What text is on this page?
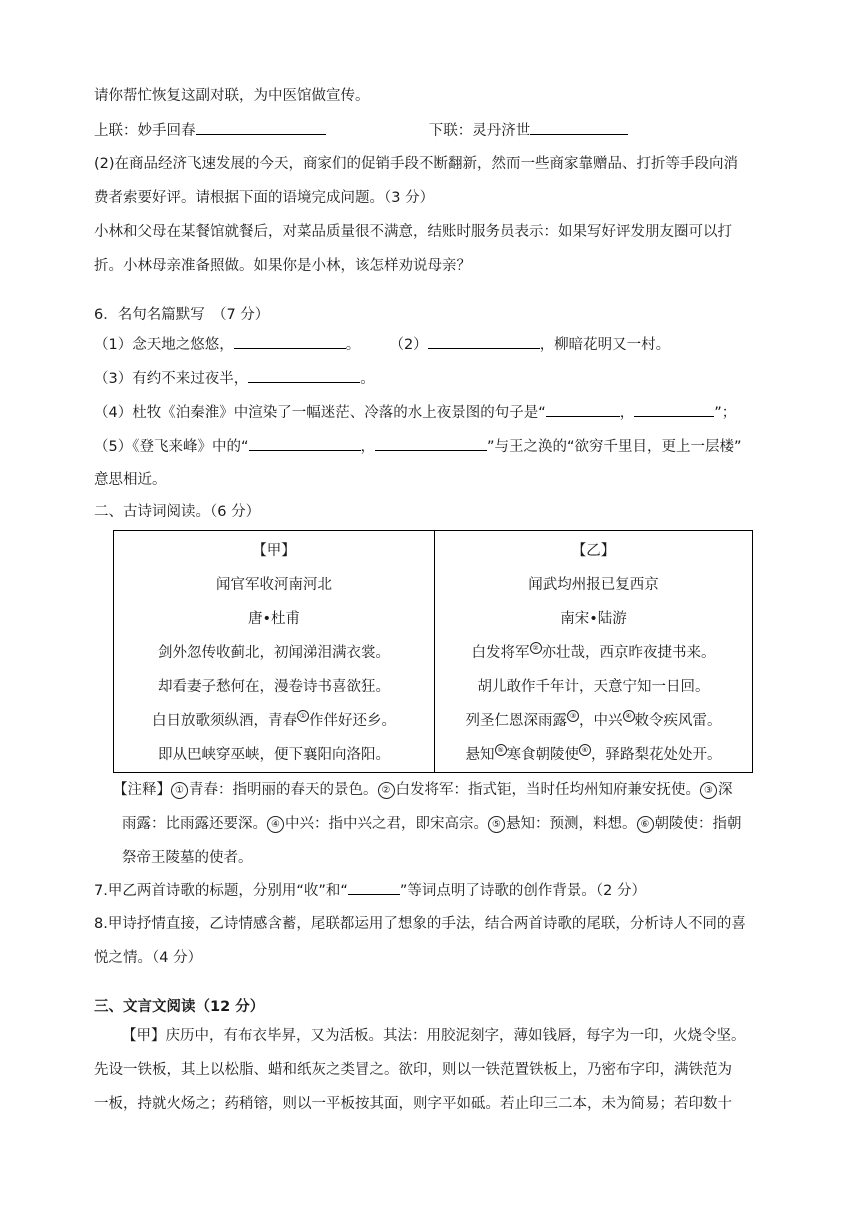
请你帮忙恢复这副对联，为中医馆做宣传。
上联：妙手回春	下联：灵丹济世
(2)在商品经济飞速发展的今天，商家们的促销手段不断翻新，然而一些商家靠赠品、打折等手段向消
费者索要好评。请根据下面的语境完成问题。（3 分）
小林和父母在某餐馆就餐后，对菜品质量很不满意，结账时服务员表示：如果写好评发朋友圈可以打
折。小林母亲准备照做。如果你是小林，该怎样劝说母亲？
6．名句名篇默写　（7 分）
（1）念天地之悠悠，	。 （2）	，柳暗花明又一村。
（3）有约不来过夜半，	。
（4）杜牧《泊秦淮》中渲染了一幅迷茫、冷落的水上夜景图的句子是“	，	”；
（5）《登飞来峰》中的“	，	”与王之涣的“欲穷千里目，更上一层楼”
意思相近。
二、古诗词阅读。（6 分）
【甲】
闻官军收河南河北
唐•杜甫
剑外忽传收蓟北，初闻涕泪满衣裳。
却看妻子愁何在，漫卷诗书喜欲狂。
白日放歌须纵酒，青春 ① 作伴好还乡。
即从巴峡穿巫峡，便下襄阳向洛阳。

【乙】
闻武均州报已复西京
南宋•陆游
白发将军 ② 亦壮哉，西京昨夜捷书来。
胡儿敢作千年计，天意宁知一日回。
列圣仁恩深雨露 ③ ，中兴 ④ 敕令疾风雷。
悬知 ⑤ 寒食朝陵使 ⑥ ，驿路梨花处处开。
【注释】 ① 青春：指明丽的春天的景色。 ② 白发将军：指式钜，当时任均州知府兼安抚使。 ③ 深
雨露：比雨露还要深。 ④ 中兴：指中兴之君，即宋高宗。 ⑤ 悬知：预测，料想。 ⑥ 朝陵使：指朝
祭帝王陵墓的使者。
7.甲乙两首诗歌的标题，分别用“收”和“	”等词点明了诗歌的创作背景。（2 分）
8.甲诗抒情直接，乙诗情感含蓄，尾联都运用了想象的手法，结合两首诗歌的尾联，分析诗人不同的喜
悦之情。（4 分）
三、文言文阅读（12 分）
【甲】庆历中，有布衣毕昇，又为活板。其法：用胶泥刻字，薄如钱唇，每字为一印，火烧令坚。
先设一铁板，其上以松脂、蜡和纸灰之类冒之。欲印，则以一铁范置铁板上，乃密布字印，满铁范为
一板，持就火炀之；药稍镕，则以一平板按其面，则字平如砥。若止印三二本，未为简易；若印数十
